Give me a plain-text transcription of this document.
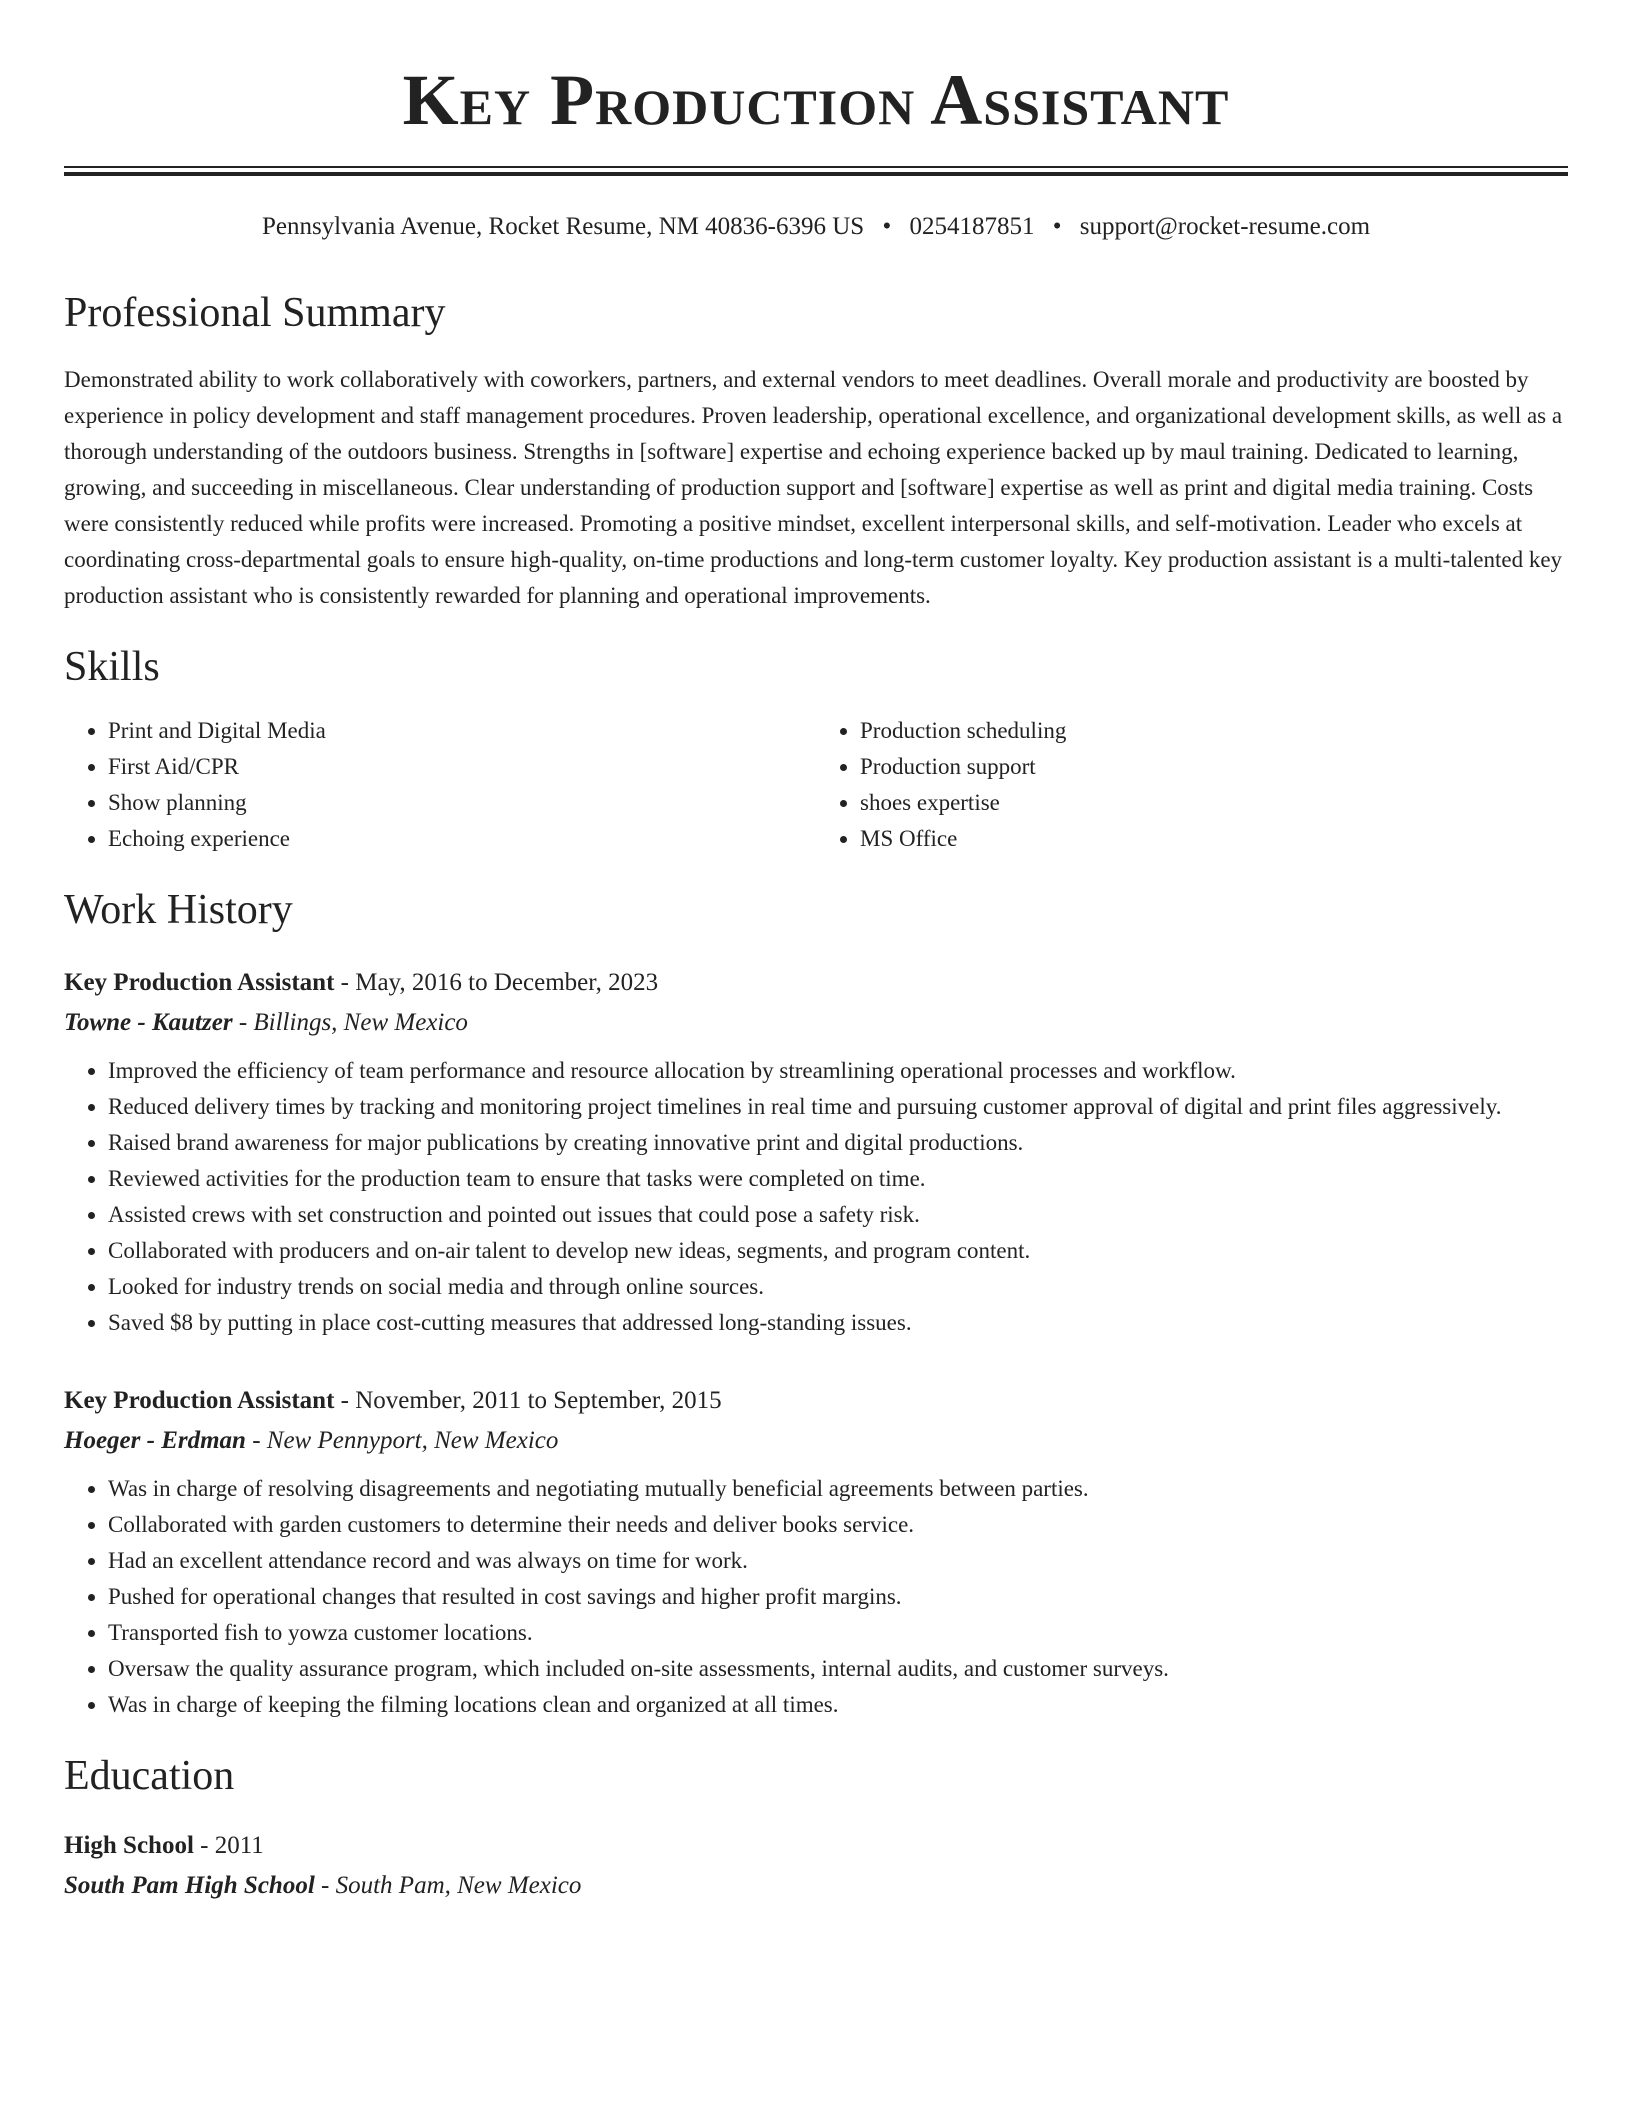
Key Production Assistant
Pennsylvania Avenue, Rocket Resume, NM 40836-6396 US • 0254187851 • support@rocket-resume.com
Professional Summary

Demonstrated ability to work collaboratively with coworkers, partners, and external vendors to meet deadlines. Overall morale and productivity are boosted by experience in policy development and staff management procedures. Proven leadership, operational excellence, and organizational development skills, as well as a thorough understanding of the outdoors business. Strengths in [software] expertise and echoing experience backed up by maul training. Dedicated to learning, growing, and succeeding in miscellaneous. Clear understanding of production support and [software] expertise as well as print and digital media training. Costs were consistently reduced while profits were increased. Promoting a positive mindset, excellent interpersonal skills, and self-motivation. Leader who excels at coordinating cross-departmental goals to ensure high-quality, on-time productions and long-term customer loyalty. Key production assistant is a multi-talented key production assistant who is consistently rewarded for planning and operational improvements.

Skills
• Print and Digital Media
• First Aid/CPR
• Show planning
• Echoing experience
• Production scheduling
• Production support
• shoes expertise
• MS Office
Work History
Key Production Assistant - May, 2016 to December, 2023
Towne - Kautzer - Billings, New Mexico
• Improved the efficiency of team performance and resource allocation by streamlining operational processes and workflow.
• Reduced delivery times by tracking and monitoring project timelines in real time and pursuing customer approval of digital and print files aggressively.
• Raised brand awareness for major publications by creating innovative print and digital productions.
• Reviewed activities for the production team to ensure that tasks were completed on time.
• Assisted crews with set construction and pointed out issues that could pose a safety risk.
• Collaborated with producers and on-air talent to develop new ideas, segments, and program content.
• Looked for industry trends on social media and through online sources.
• Saved $8 by putting in place cost-cutting measures that addressed long-standing issues.
Key Production Assistant - November, 2011 to September, 2015
Hoeger - Erdman - New Pennyport, New Mexico
• Was in charge of resolving disagreements and negotiating mutually beneficial agreements between parties.
• Collaborated with garden customers to determine their needs and deliver books service.
• Had an excellent attendance record and was always on time for work.
• Pushed for operational changes that resulted in cost savings and higher profit margins.
• Transported fish to yowza customer locations.
• Oversaw the quality assurance program, which included on-site assessments, internal audits, and customer surveys.
• Was in charge of keeping the filming locations clean and organized at all times.
Education
High School - 2011
South Pam High School - South Pam, New Mexico
